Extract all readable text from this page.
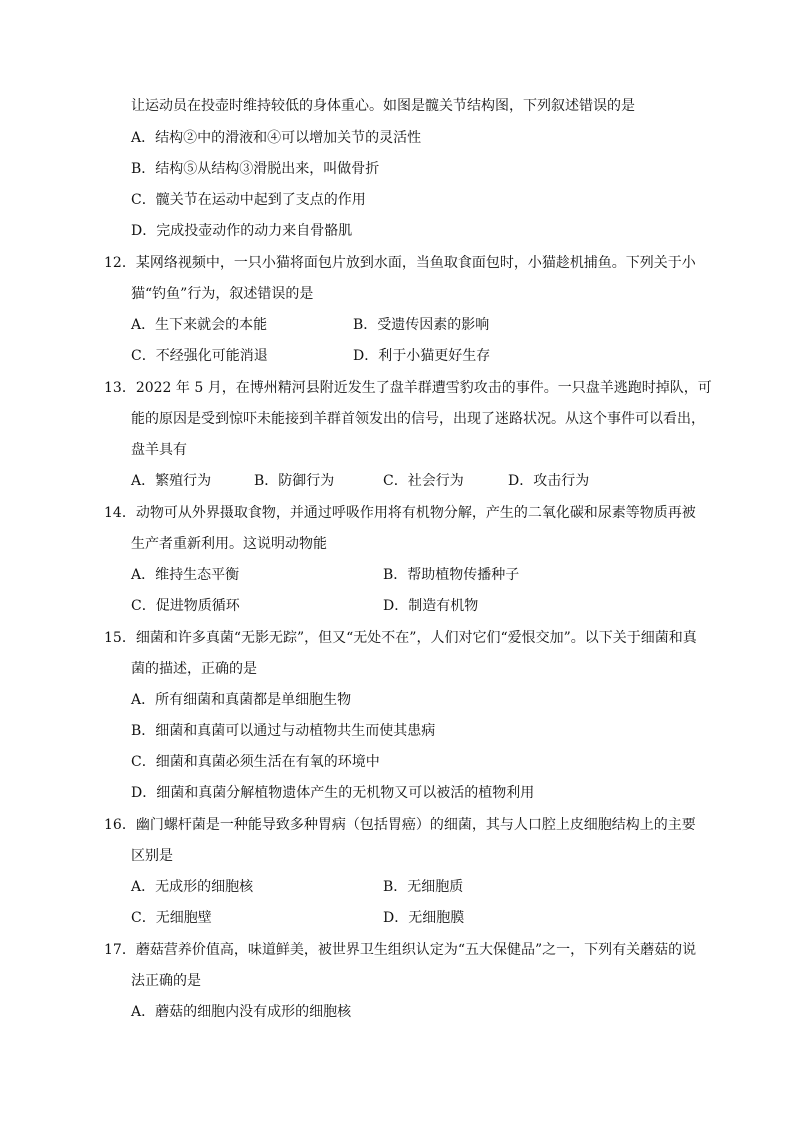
让运动员在投壶时维持较低的身体重心。如图是髋关节结构图，下列叙述错误的是
A．结构②中的滑液和④可以增加关节的灵活性
B．结构⑤从结构③滑脱出来，叫做骨折
C．髋关节在运动中起到了支点的作用
D．完成投壶动作的动力来自骨骼肌
12．某网络视频中，一只小猫将面包片放到水面，当鱼取食面包时，小猫趁机捕鱼。下列关于小
猫“钓鱼”行为，叙述错误的是
A．生下来就会的本能	B．受遗传因素的影响
C．不经强化可能消退	D．利于小猫更好生存
13．2022 年 5 月，在博州精河县附近发生了盘羊群遭雪豹攻击的事件。一只盘羊逃跑时掉队，可
能的原因是受到惊吓未能接到羊群首领发出的信号，出现了迷路状况。从这个事件可以看出，
盘羊具有
A．繁殖行为	B．防御行为	C．社会行为	D．攻击行为
14．动物可从外界摄取食物，并通过呼吸作用将有机物分解，产生的二氧化碳和尿素等物质再被
生产者重新利用。这说明动物能
A．维持生态平衡	B．帮助植物传播种子
C．促进物质循环	D．制造有机物
15．细菌和许多真菌“无影无踪”，但又“无处不在”，人们对它们“爱恨交加”。以下关于细菌和真
菌的描述，正确的是
A．所有细菌和真菌都是单细胞生物
B．细菌和真菌可以通过与动植物共生而使其患病
C．细菌和真菌必须生活在有氧的环境中
D．细菌和真菌分解植物遗体产生的无机物又可以被活的植物利用
16．幽门螺杆菌是一种能导致多种胃病（包括胃癌）的细菌，其与人口腔上皮细胞结构上的主要
区别是
A．无成形的细胞核	B．无细胞质
C．无细胞壁	D．无细胞膜
17．蘑菇营养价值高，味道鲜美，被世界卫生组织认定为“五大保健品”之一，下列有关蘑菇的说
法正确的是
A．蘑菇的细胞内没有成形的细胞核
